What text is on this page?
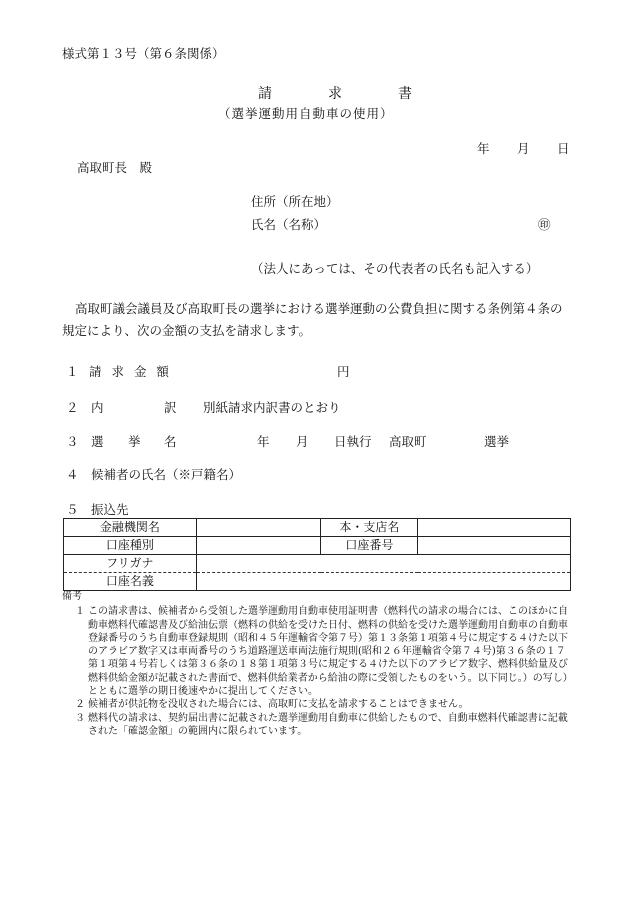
様式第１３号（第６条関係）
請	求	書
（選挙運動用自動車の使用）
年 月 日
高取町長　殿
住所（所在地）
氏名（名称）	㊞
（法人にあっては、その代表者の氏名も記入する）
高取町議会議員及び高取町長の選挙における選挙運動の公費負担に関する条例第４条の規定により、次の金額の支払を請求します。
１ 請 求 金 額	円
２ 内	訳 別紙請求内訳書のとおり
３ 選 挙 名	年 月 日執行 高取町	選挙
４ 候補者の氏名（※戸籍名）
５ 振込先
金融機関名		本・支店名	
口座種別		口座番号	
フリガナ			
口座名義			

備考

１ この請求書は、候補者から受領した選挙運動用自動車使用証明書（燃料代の請求の場合には、このほかに自動車燃料代確認書及び給油伝票（燃料の供給を受けた日付、燃料の供給を受けた選挙運動用自動車の自動車登録番号のうち自動車登録規則（昭和４５年運輸省令第７号）第１３条第１項第４号に規定する４けた以下のアラビア数字又は車両番号のうち道路運送車両法施行規則(昭和２６年運輸省令第７４号)第３６条の１７第１項第４号若しくは第３６条の１８第１項第３号に規定する４けた以下のアラビア数字、燃料供給量及び燃料供給金額が記載された書面で、燃料供給業者から給油の際に受領したものをいう。以下同じ。）の写し）とともに選挙の期日後速やかに提出してください。

２ 候補者が供託物を没収された場合には、高取町に支払を請求することはできません。

３ 燃料代の請求は、契約届出書に記載された選挙運動用自動車に供給したもので、自動車燃料代確認書に記載された「確認金額」の範囲内に限られています。
